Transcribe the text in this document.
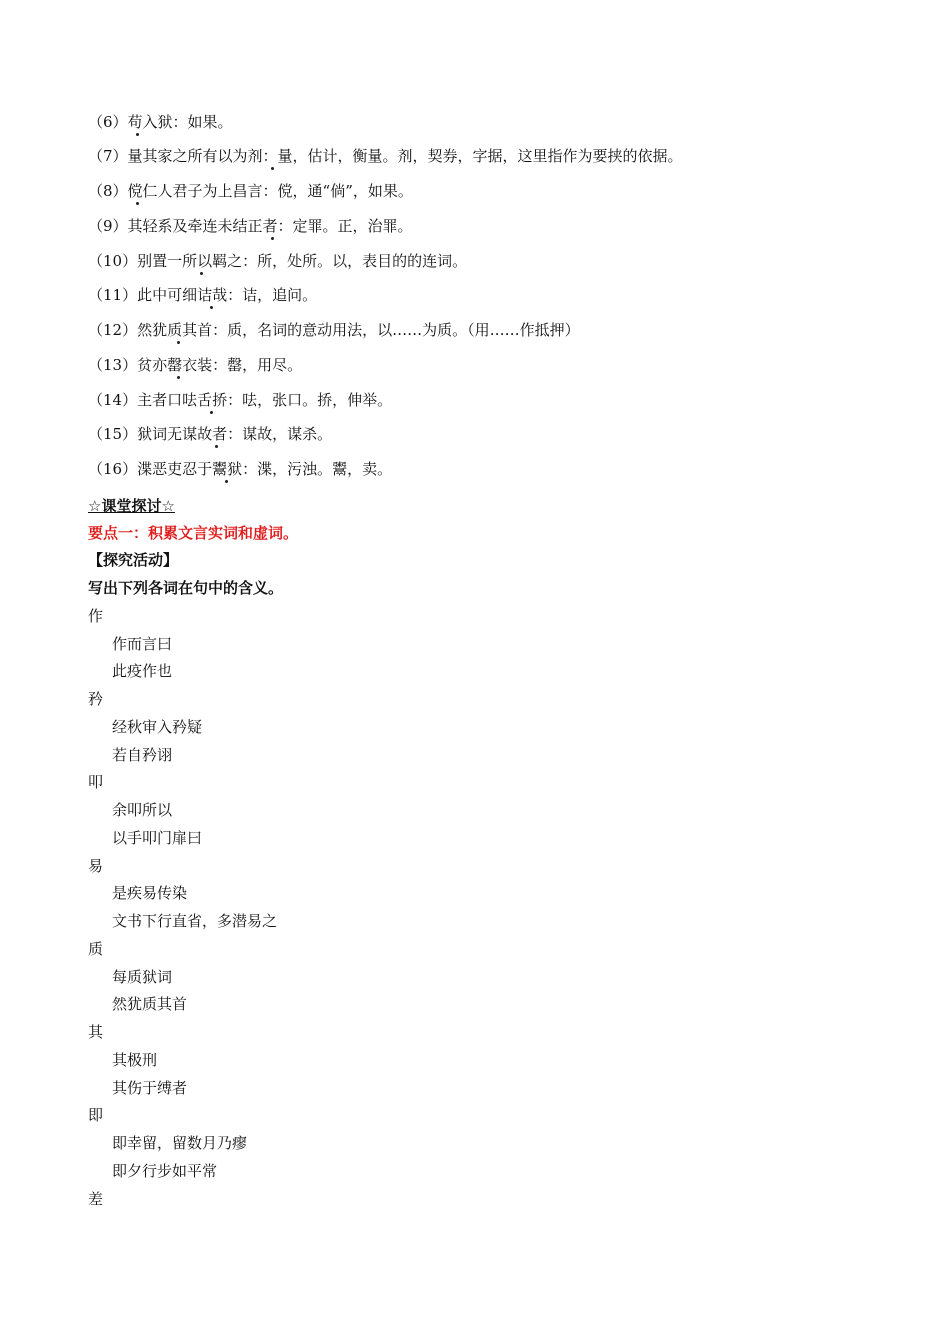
（6）苟入狱：如果。
（7）量其家之所有以为剂：量，估计，衡量。剂，契券，字据，这里指作为要挟的依据。
（8）傥仁人君子为上昌言：傥，通“倘”，如果。
（9）其轻系及牵连未结正者：定罪。正，治罪。
（10）别置一所以羁之：所，处所。以，表目的的连词。
（11）此中可细诘哉：诘，追问。
（12）然犹质其首：质，名词的意动用法，以……为质。（用……作抵押）
（13）贫亦罄衣装：罄，用尽。
（14）主者口呿舌挢：呿，张口。挢，伸举。
（15）狱词无谋故者：谋故，谋杀。
（16）渫恶吏忍于鬻狱：渫，污浊。鬻，卖。
☆课堂探讨☆
要点一：积累文言实词和虚词。
【探究活动】
写出下列各词在句中的含义。
作
作而言曰
此疫作也
矜
经秋审入矜疑
若自矜诩
叩
余叩所以
以手叩门扉曰
易
是疾易传染
文书下行直省，多潜易之
质
每质狱词
然犹质其首
其
其极刑
其伤于缚者
即
即幸留，留数月乃瘳
即夕行步如平常
差
